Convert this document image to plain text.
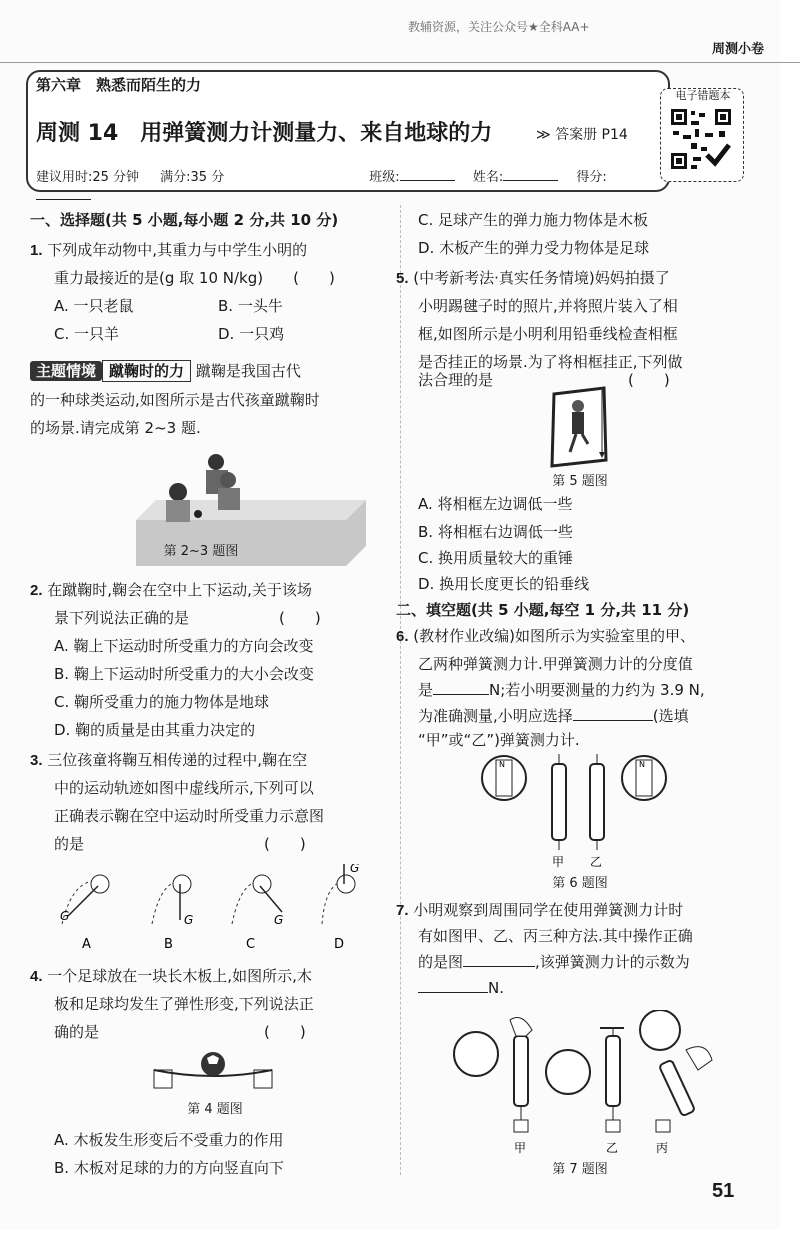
教辅资源，关注公众号★全科AA+
周测小卷
第六章　熟悉而陌生的力
周测 14　用弹簧测力计测量力、来自地球的力	≫ 答案册 P14
建议用时:25 分钟 满分:35 分	班级:	姓名:	得分:
电子错题本
一、选择题(共 5 小题,每小题 2 分,共 10 分)
1. 下列成年动物中,其重力与中学生小明的
重力最接近的是(g 取 10 N/kg)　　(　　)
A. 一只老鼠	B. 一头牛
C. 一只羊	D. 一只鸡
主题情境 蹴鞠时的力 蹴鞠是我国古代
的一种球类运动,如图所示是古代孩童蹴鞠时
的场景.请完成第 2~3 题.
第 2~3 题图
2. 在蹴鞠时,鞠会在空中上下运动,关于该场
景下列说法正确的是　　　　　　(　　)
A. 鞠上下运动时所受重力的方向会改变
B. 鞠上下运动时所受重力的大小会改变
C. 鞠所受重力的施力物体是地球
D. 鞠的质量是由其重力决定的
3. 三位孩童将鞠互相传递的过程中,鞠在空
中的运动轨迹如图中虚线所示,下列可以
正确表示鞠在空中运动时所受重力示意图
的是　　　　　　　　　　　　(　　)
G
A
G
B
G
C
G
D
4. 一个足球放在一块长木板上,如图所示,木
板和足球均发生了弹性形变,下列说法正
确的是　　　　　　　　　　　(　　)
第 4 题图
A. 木板发生形变后不受重力的作用
B. 木板对足球的力的方向竖直向下
C. 足球产生的弹力施力物体是木板
D. 木板产生的弹力受力物体是足球
5. (中考新考法·真实任务情境)妈妈拍摄了
小明踢毽子时的照片,并将照片装入了相
框,如图所示是小明利用铅垂线检查相框
是否挂正的场景.为了将相框挂正,下列做
法合理的是　　　　　　　　　(　　)
第 5 题图
A. 将相框左边调低一些
B. 将相框右边调低一些
C. 换用质量较大的重锤
D. 换用长度更长的铅垂线
二、填空题(共 5 小题,每空 1 分,共 11 分)
6. (教材作业改编)如图所示为实验室里的甲、
乙两种弹簧测力计.甲弹簧测力计的分度值
是	N;若小明要测量的力约为 3.9 N,
为准确测量,小明应选择	(选填
“甲”或“乙”)弹簧测力计.
N	N
甲 乙
第 6 题图
7. 小明观察到周围同学在使用弹簧测力计时
有如图甲、乙、丙三种方法.其中操作正确
的是图	,该弹簧测力计的示数为
N.
甲	乙	丙
第 7 题图
51
